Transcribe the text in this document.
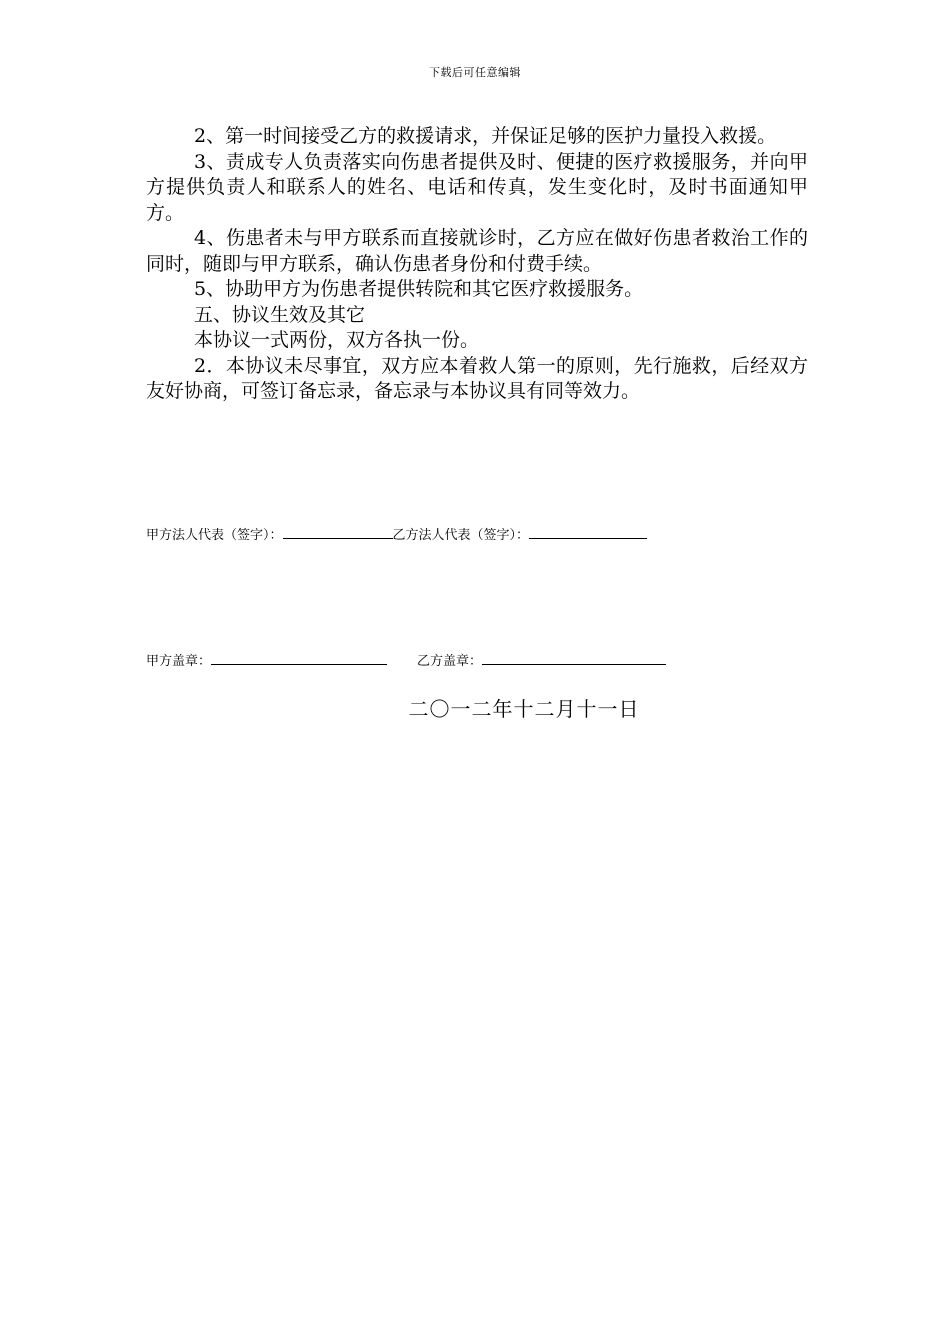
下载后可任意编辑

2、第一时间接受乙方的救援请求，并保证足够的医护力量投入救援。

3、责成专人负责落实向伤患者提供及时、便捷的医疗救援服务，并向甲方提供负责人和联系人的姓名、电话和传真，发生变化时，及时书面通知甲方。

4、伤患者未与甲方联系而直接就诊时，乙方应在做好伤患者救治工作的同时，随即与甲方联系，确认伤患者身份和付费手续。

5、协助甲方为伤患者提供转院和其它医疗救援服务。

五、协议生效及其它

本协议一式两份，双方各执一份。

2．本协议未尽事宜，双方应本着救人第一的原则，先行施救，后经双方友好协商，可签订备忘录，备忘录与本协议具有同等效力。

甲方法人代表（签字）：	乙方法人代表（签字）：
甲方盖章：	乙方盖章：
二〇一二年十二月十一日
